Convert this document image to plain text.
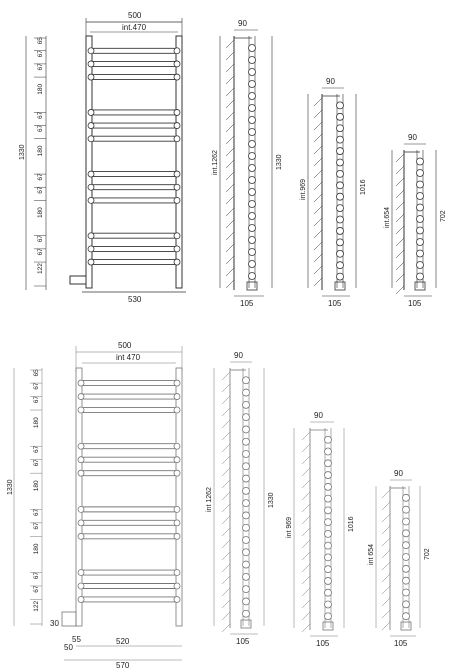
500
int.470
530
1330
65
67
67
180
67
67
180
67
67
180
67
67
122
90
int.1262	1330
105
90
int.969	1016
105
90
int.654	702
105
500
int 470
1330
65
67
67
180
67
67
180
67
67
180
67
67
122
30
55
50
520
570
90
int 1262	1330
105
90
int 969	1016
105
90
int 654	702
105
